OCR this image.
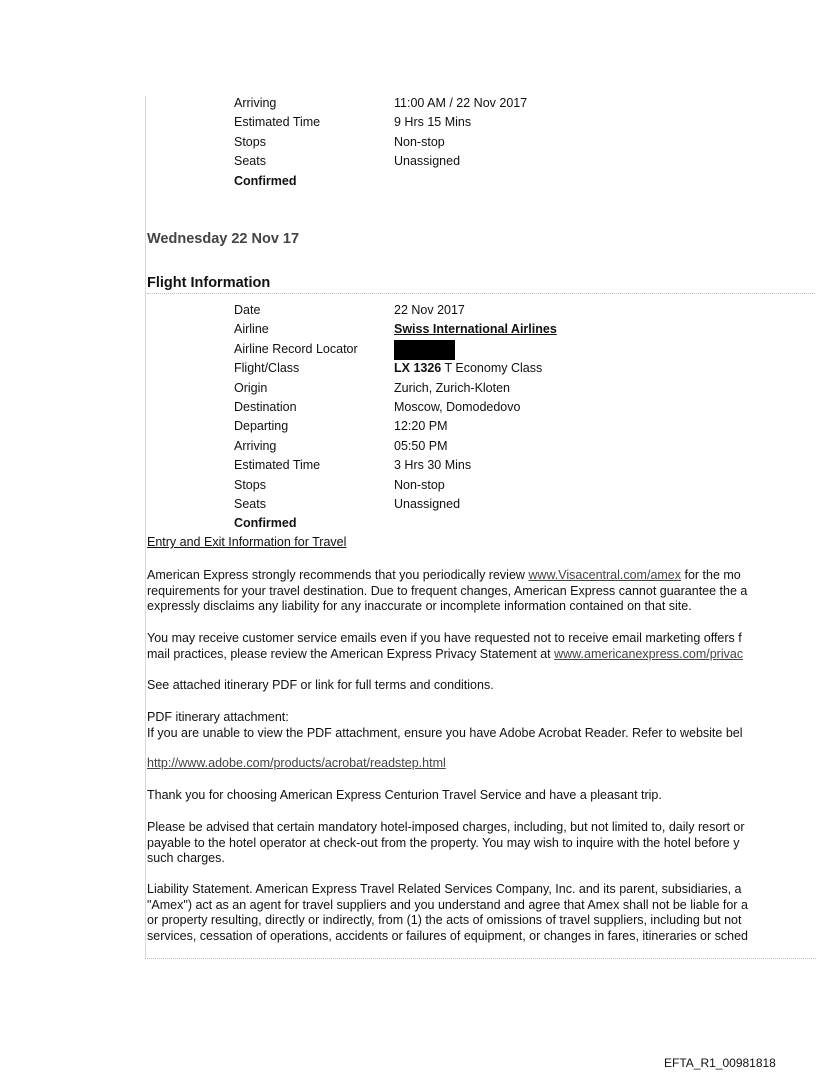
Arriving	11:00 AM / 22 Nov 2017
Estimated Time	9 Hrs 15 Mins
Stops	Non-stop
Seats	Unassigned
Confirmed
Wednesday 22 Nov 17
Flight Information
Date	22 Nov 2017
Airline	Swiss International Airlines
Airline Record Locator
Flight/Class	LX 1326 T Economy Class
Origin	Zurich, Zurich-Kloten
Destination	Moscow, Domodedovo
Departing	12:20 PM
Arriving	05:50 PM
Estimated Time	3 Hrs 30 Mins
Stops	Non-stop
Seats	Unassigned
Confirmed
Entry and Exit Information for Travel
American Express strongly recommends that you periodically review www.Visacentral.com/amex for the mo
requirements for your travel destination. Due to frequent changes, American Express cannot guarantee the a
expressly disclaims any liability for any inaccurate or incomplete information contained on that site.
You may receive customer service emails even if you have requested not to receive email marketing offers f
mail practices, please review the American Express Privacy Statement at www.americanexpress.com/privac
See attached itinerary PDF or link for full terms and conditions.
PDF itinerary attachment:
If you are unable to view the PDF attachment, ensure you have Adobe Acrobat Reader. Refer to website bel
http://www.adobe.com/products/acrobat/readstep.html
Thank you for choosing American Express Centurion Travel Service and have a pleasant trip.
Please be advised that certain mandatory hotel-imposed charges, including, but not limited to, daily resort or
payable to the hotel operator at check-out from the property. You may wish to inquire with the hotel before y
such charges.
Liability Statement. American Express Travel Related Services Company, Inc. and its parent, subsidiaries, a
"Amex") act as an agent for travel suppliers and you understand and agree that Amex shall not be liable for a
or property resulting, directly or indirectly, from (1) the acts of omissions of travel suppliers, including but not
services, cessation of operations, accidents or failures of equipment, or changes in fares, itineraries or sched
EFTA_R1_00981818
